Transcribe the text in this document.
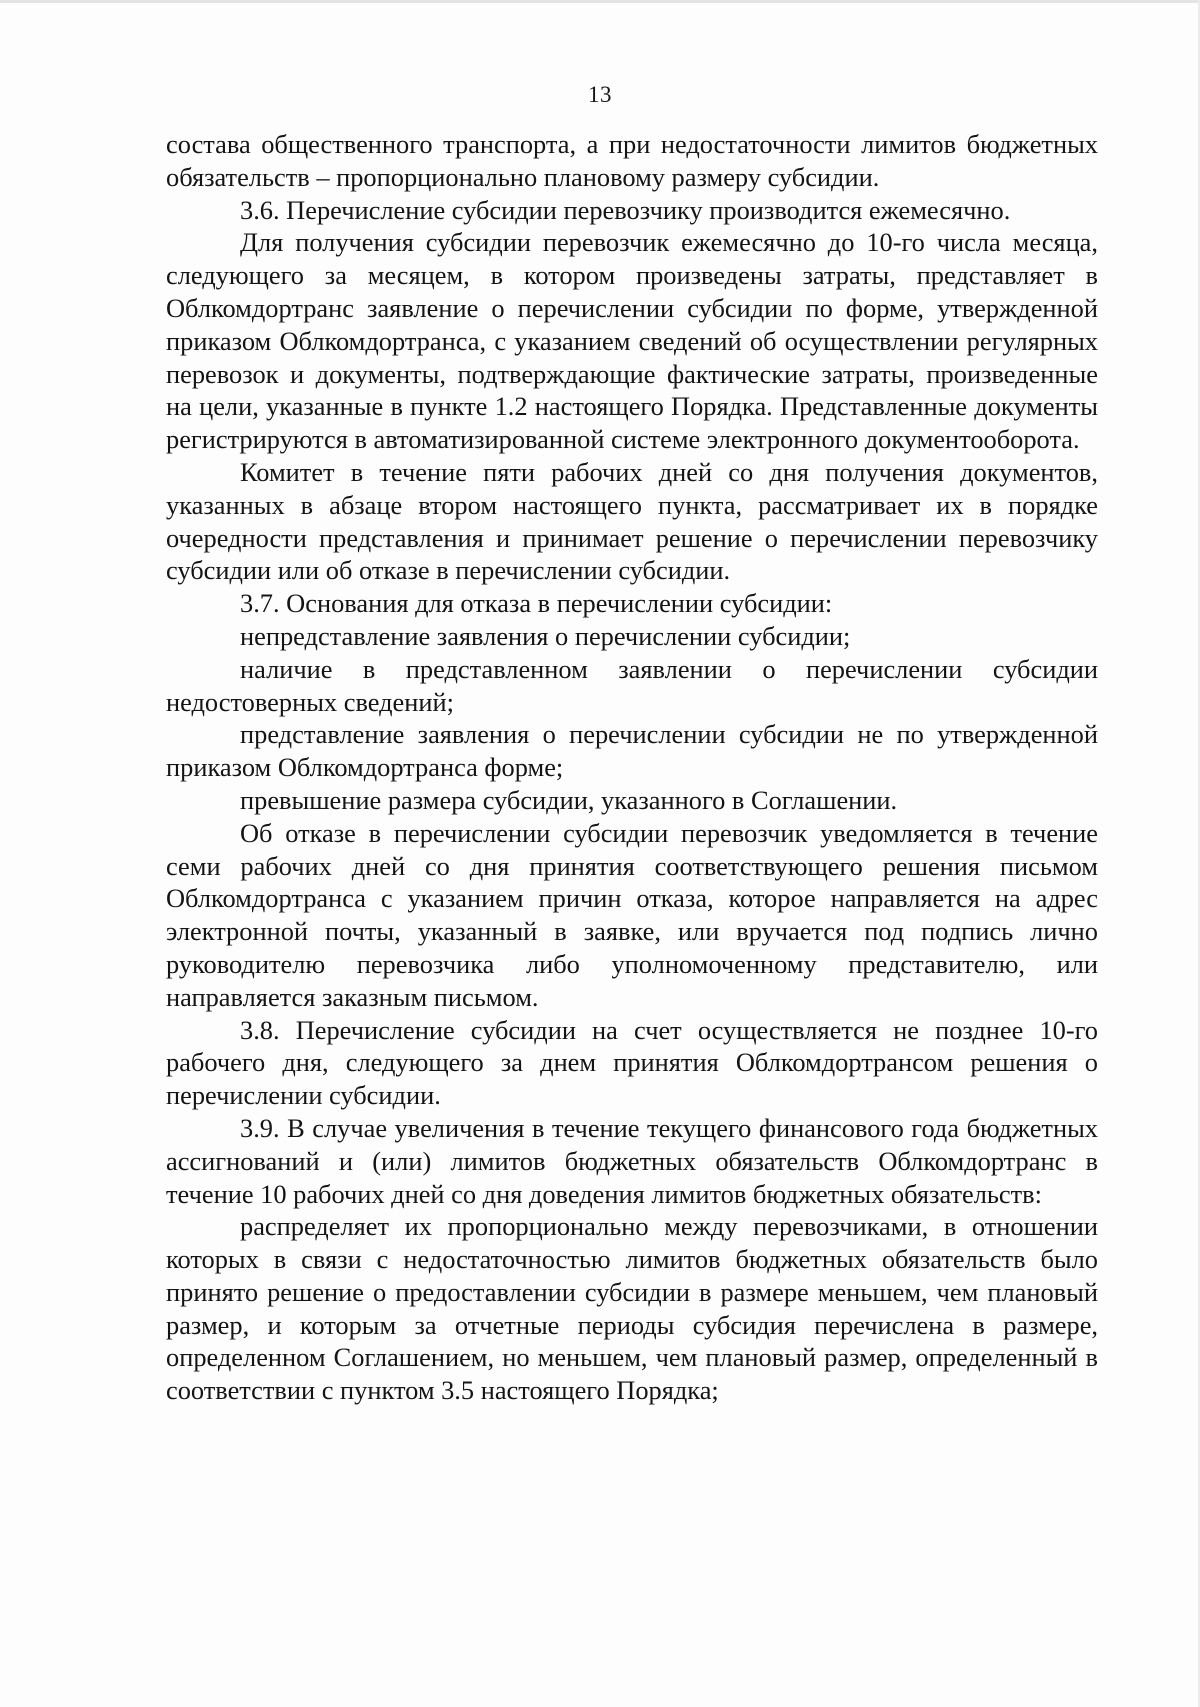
13

состава общественного транспорта, а при недостаточности лимитов бюджетных обязательств – пропорционально плановому размеру субсидии.

3.6. Перечисление субсидии перевозчику производится ежемесячно.

Для получения субсидии перевозчик ежемесячно до 10-го числа месяца, следующего за месяцем, в котором произведены затраты, представляет в Облкомдортранс заявление о перечислении субсидии по форме, утвержденной приказом Облкомдортранса, с указанием сведений об осуществлении регулярных перевозок и документы, подтверждающие фактические затраты, произведенные на цели, указанные в пункте 1.2 настоящего Порядка. Представленные документы регистрируются в автоматизированной системе электронного документооборота.

Комитет в течение пяти рабочих дней со дня получения документов, указанных в абзаце втором настоящего пункта, рассматривает их в порядке очередности представления и принимает решение о перечислении перевозчику субсидии или об отказе в перечислении субсидии.

3.7. Основания для отказа в перечислении субсидии:

непредставление заявления о перечислении субсидии;

наличие в представленном заявлении о перечислении субсидии недостоверных сведений;

представление заявления о перечислении субсидии не по утвержденной приказом Облкомдортранса форме;

превышение размера субсидии, указанного в Соглашении.

Об отказе в перечислении субсидии перевозчик уведомляется в течение семи рабочих дней со дня принятия соответствующего решения письмом Облкомдортранса с указанием причин отказа, которое направляется на адрес электронной почты, указанный в заявке, или вручается под подпись лично руководителю перевозчика либо уполномоченному представителю, или направляется заказным письмом.

3.8. Перечисление субсидии на счет осуществляется не позднее 10-го рабочего дня, следующего за днем принятия Облкомдортрансом решения о перечислении субсидии.

3.9. В случае увеличения в течение текущего финансового года бюджетных ассигнований и (или) лимитов бюджетных обязательств Облкомдортранс в течение 10 рабочих дней со дня доведения лимитов бюджетных обязательств:

распределяет их пропорционально между перевозчиками, в отношении которых в связи с недостаточностью лимитов бюджетных обязательств было принято решение о предоставлении субсидии в размере меньшем, чем плановый размер, и которым за отчетные периоды субсидия перечислена в размере, определенном Соглашением, но меньшем, чем плановый размер, определенный в соответствии с пунктом 3.5 настоящего Порядка;
